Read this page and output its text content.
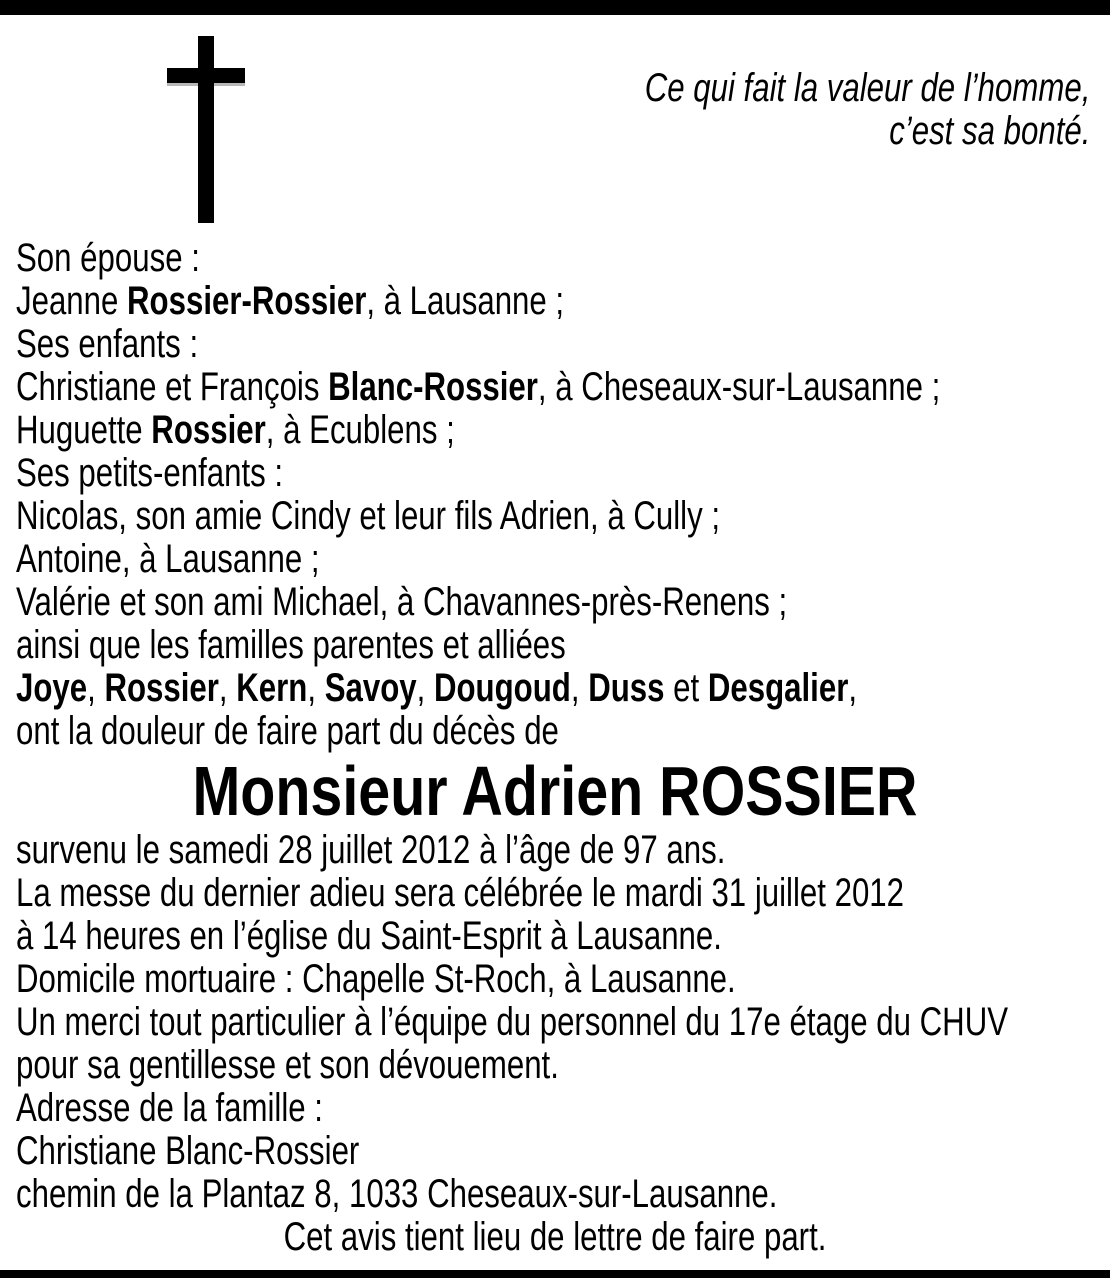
Ce qui fait la valeur de l’homme,
c’est sa bonté.
Son épouse :
Jeanne Rossier-Rossier, à Lausanne ;
Ses enfants :
Christiane et François Blanc-Rossier, à Cheseaux-sur-Lausanne ;
Huguette Rossier, à Ecublens ;
Ses petits-enfants :
Nicolas, son amie Cindy et leur fils Adrien, à Cully ;
Antoine, à Lausanne ;
Valérie et son ami Michael, à Chavannes-près-Renens ;
ainsi que les familles parentes et alliées
Joye, Rossier, Kern, Savoy, Dougoud, Duss et Desgalier,
ont la douleur de faire part du décès de
Monsieur Adrien ROSSIER
survenu le samedi 28 juillet 2012 à l’âge de 97 ans.
La messe du dernier adieu sera célébrée le mardi 31 juillet 2012
à 14 heures en l’église du Saint-Esprit à Lausanne.
Domicile mortuaire : Chapelle St-Roch, à Lausanne.
Un merci tout particulier à l’équipe du personnel du 17e étage du CHUV
pour sa gentillesse et son dévouement.
Adresse de la famille :
Christiane Blanc-Rossier
chemin de la Plantaz 8, 1033 Cheseaux-sur-Lausanne.
Cet avis tient lieu de lettre de faire part.
